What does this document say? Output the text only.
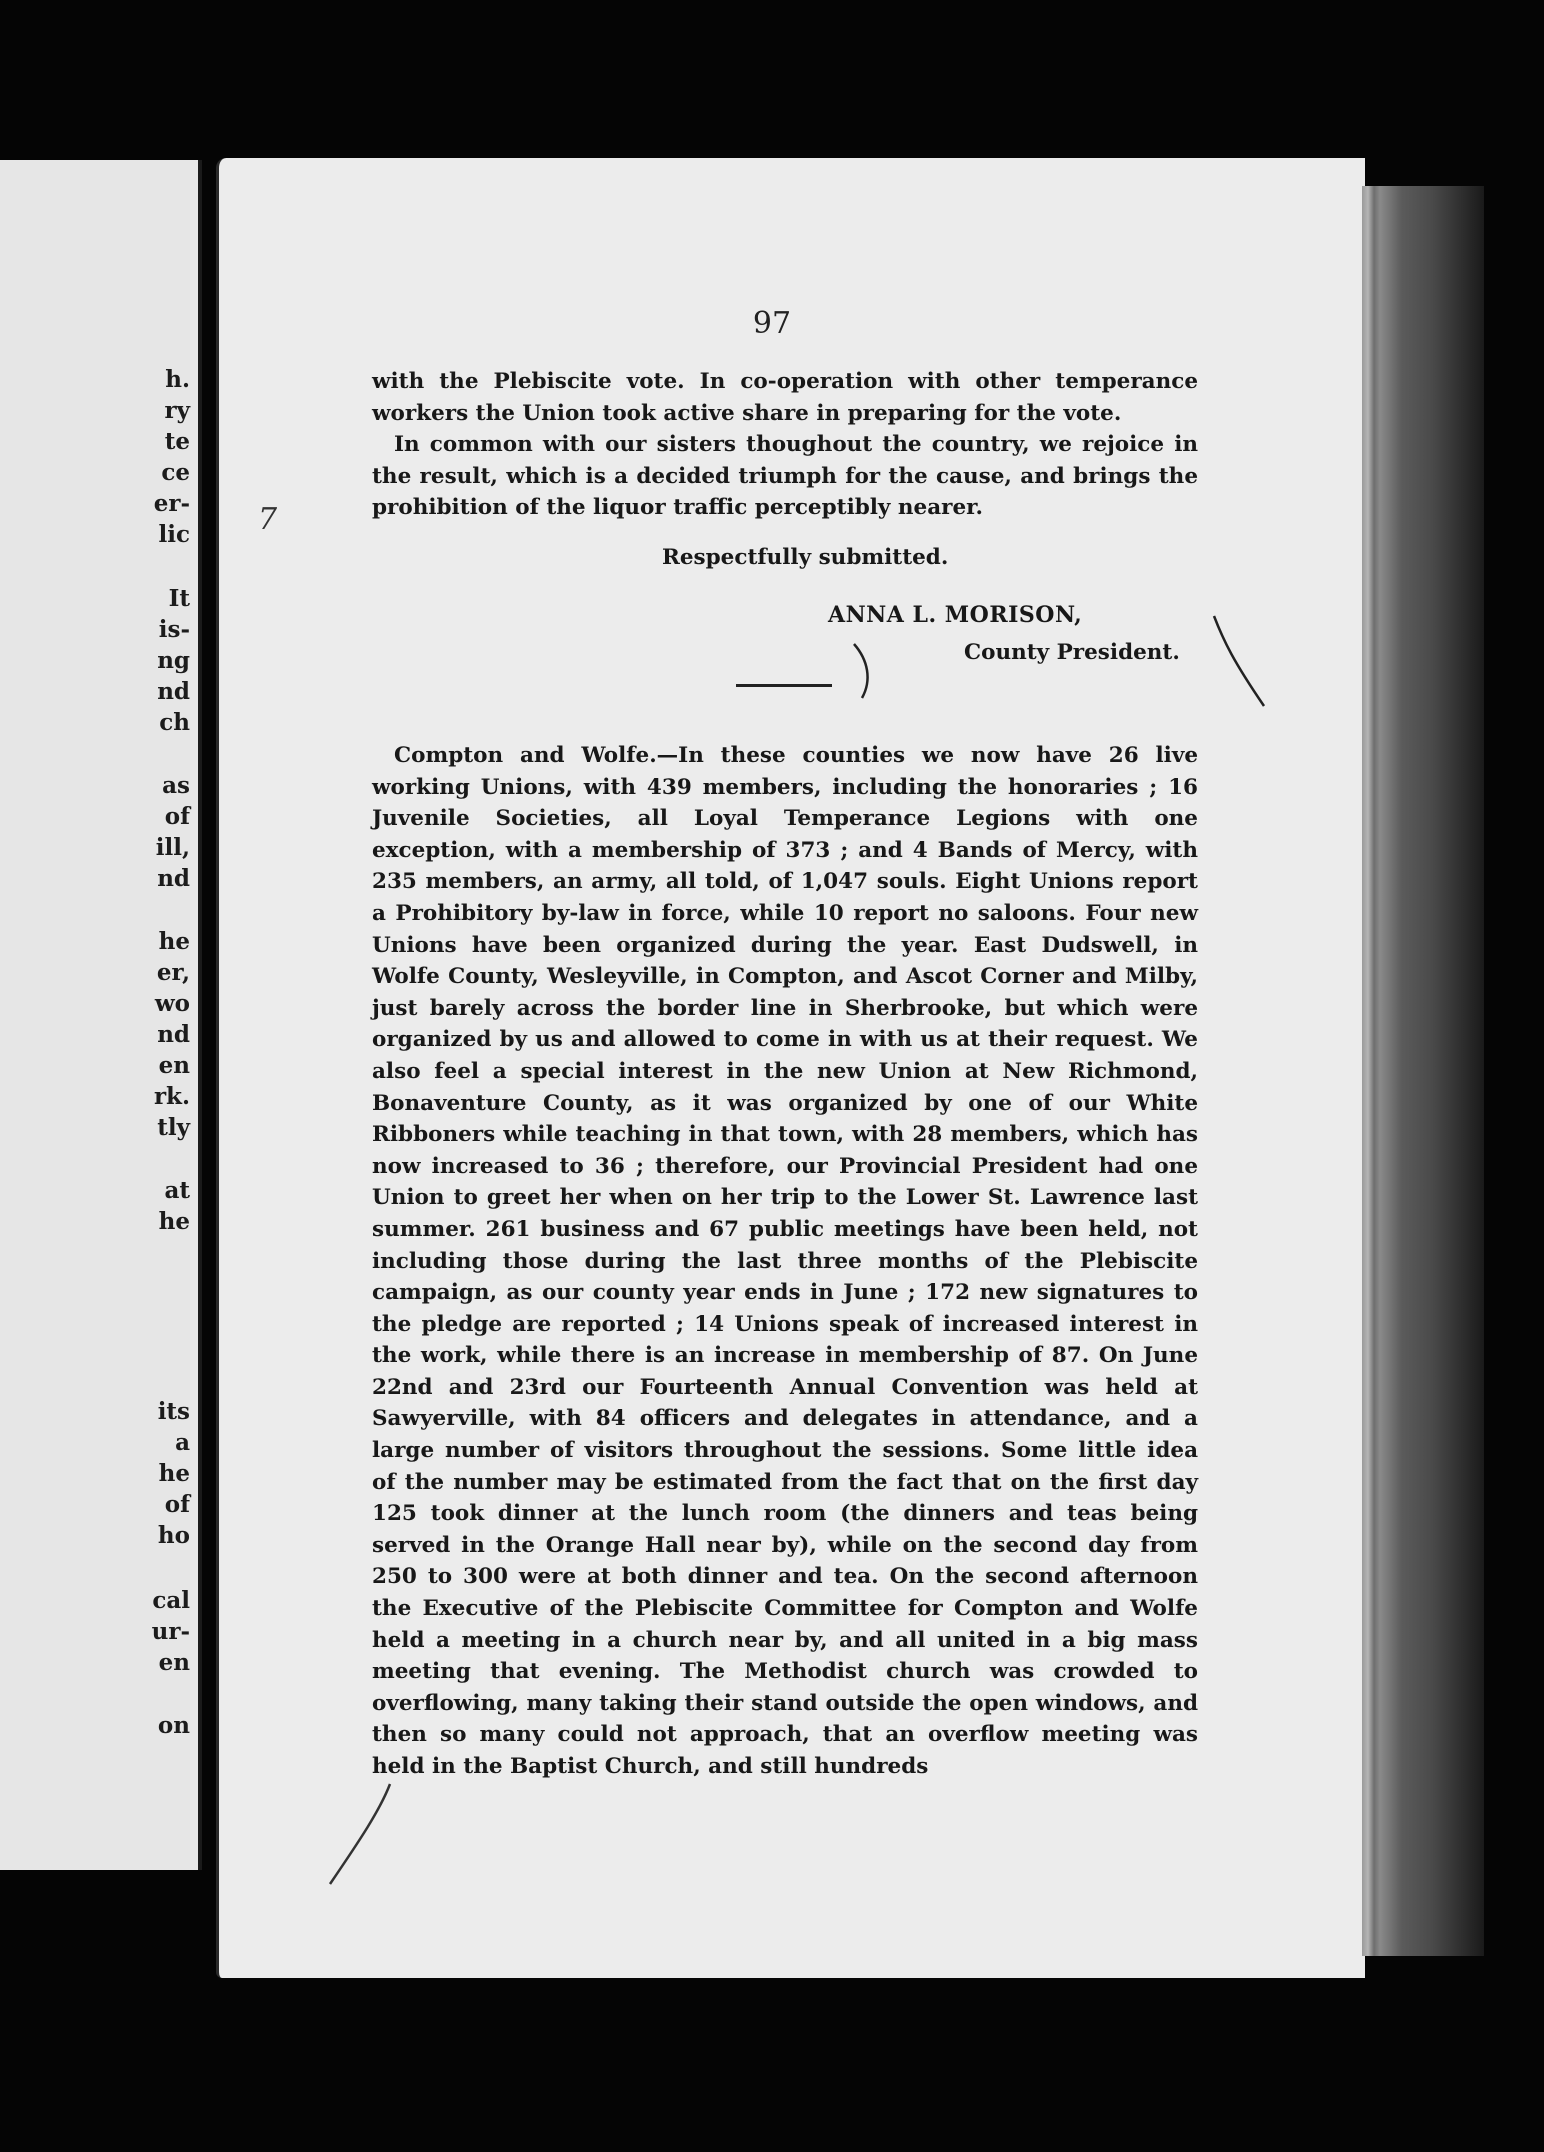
h.

ry

te

ce

er-

lic

It

is-

ng

nd

ch

as

of

ill,

nd

he

er,

wo

nd

en

rk.

tly

at

he

its

a

he

of

ho

cal

ur-

en

on

7
97

with the Plebiscite vote. In co-operation with other temperance workers the Union took active share in preparing for the vote.

In common with our sisters thoughout the country, we rejoice in the result, which is a decided triumph for the cause, and brings the prohibition of the liquor traffic perceptibly nearer.

Respectfully submitted.
ANNA L. MORISON,
County President.

Compton and Wolfe.—In these counties we now have 26 live working Unions, with 439 members, including the honoraries ; 16 Juvenile Societies, all Loyal Temperance Legions with one exception, with a membership of 373 ; and 4 Bands of Mercy, with 235 members, an army, all told, of 1,047 souls. Eight Unions report a Prohibitory by-law in force, while 10 report no saloons. Four new Unions have been organized during the year. East Dudswell, in Wolfe County, Wesleyville, in Compton, and Ascot Corner and Milby, just barely across the border line in Sherbrooke, but which were organized by us and allowed to come in with us at their request. We also feel a special interest in the new Union at New Richmond, Bonaventure County, as it was organized by one of our White Ribboners while teaching in that town, with 28 members, which has now increased to 36 ; therefore, our Provincial President had one Union to greet her when on her trip to the Lower St. Lawrence last summer. 261 business and 67 public meetings have been held, not including those during the last three months of the Plebiscite campaign, as our county year ends in June ; 172 new signatures to the pledge are reported ; 14 Unions speak of increased interest in the work, while there is an increase in membership of 87. On June 22nd and 23rd our Fourteenth Annual Convention was held at Sawyerville, with 84 officers and delegates in attendance, and a large number of visitors throughout the sessions. Some little idea of the number may be estimated from the fact that on the first day 125 took dinner at the lunch room (the dinners and teas being served in the Orange Hall near by), while on the second day from 250 to 300 were at both dinner and tea. On the second afternoon the Executive of the Plebiscite Committee for Compton and Wolfe held a meeting in a church near by, and all united in a big mass meeting that evening. The Methodist church was crowded to overflowing, many taking their stand outside the open windows, and then so many could not approach, that an overflow meeting was held in the Baptist Church, and still hundreds
